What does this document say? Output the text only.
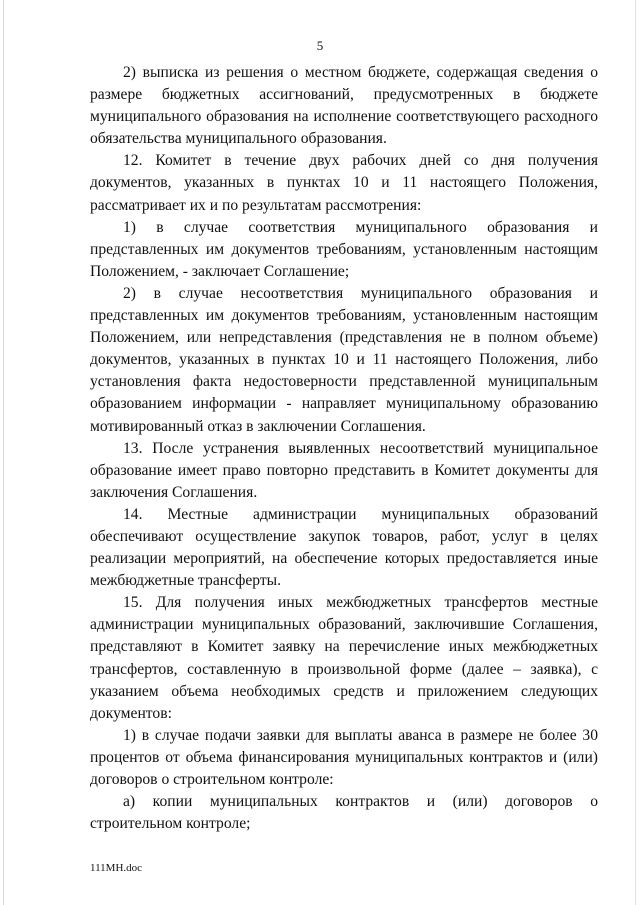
5

2) выписка из решения о местном бюджете, содержащая сведения о размере бюджетных ассигнований, предусмотренных в бюджете муниципального образования на исполнение соответствующего расходного обязательства муниципального образования.

12. Комитет в течение двух рабочих дней со дня получения документов, указанных в пунктах 10 и 11 настоящего Положения, рассматривает их и по результатам рассмотрения:

1) в случае соответствия муниципального образования и представленных им документов требованиям, установленным настоящим Положением, - заключает Соглашение;

2) в случае несоответствия муниципального образования и представленных им документов требованиям, установленным настоящим Положением, или непредставления (представления не в полном объеме) документов, указанных в пунктах 10 и 11 настоящего Положения, либо установления факта недостоверности представленной муниципальным образованием информации - направляет муниципальному образованию мотивированный отказ в заключении Соглашения.

13. После устранения выявленных несоответствий муниципальное образование имеет право повторно представить в Комитет документы для заключения Соглашения.

14. Местные администрации муниципальных образований обеспечивают осуществление закупок товаров, работ, услуг в целях реализации мероприятий, на обеспечение которых предоставляется иные межбюджетные трансферты.

15. Для получения иных межбюджетных трансфертов местные администрации муниципальных образований, заключившие Соглашения, представляют в Комитет заявку на перечисление иных межбюджетных трансфертов, составленную в произвольной форме (далее – заявка), с указанием объема необходимых средств и приложением следующих документов:

1) в случае подачи заявки для выплаты аванса в размере не более 30 процентов от объема финансирования муниципальных контрактов и (или) договоров о строительном контроле:

а) копии муниципальных контрактов и (или) договоров о строительном контроле;

111МН.doc
